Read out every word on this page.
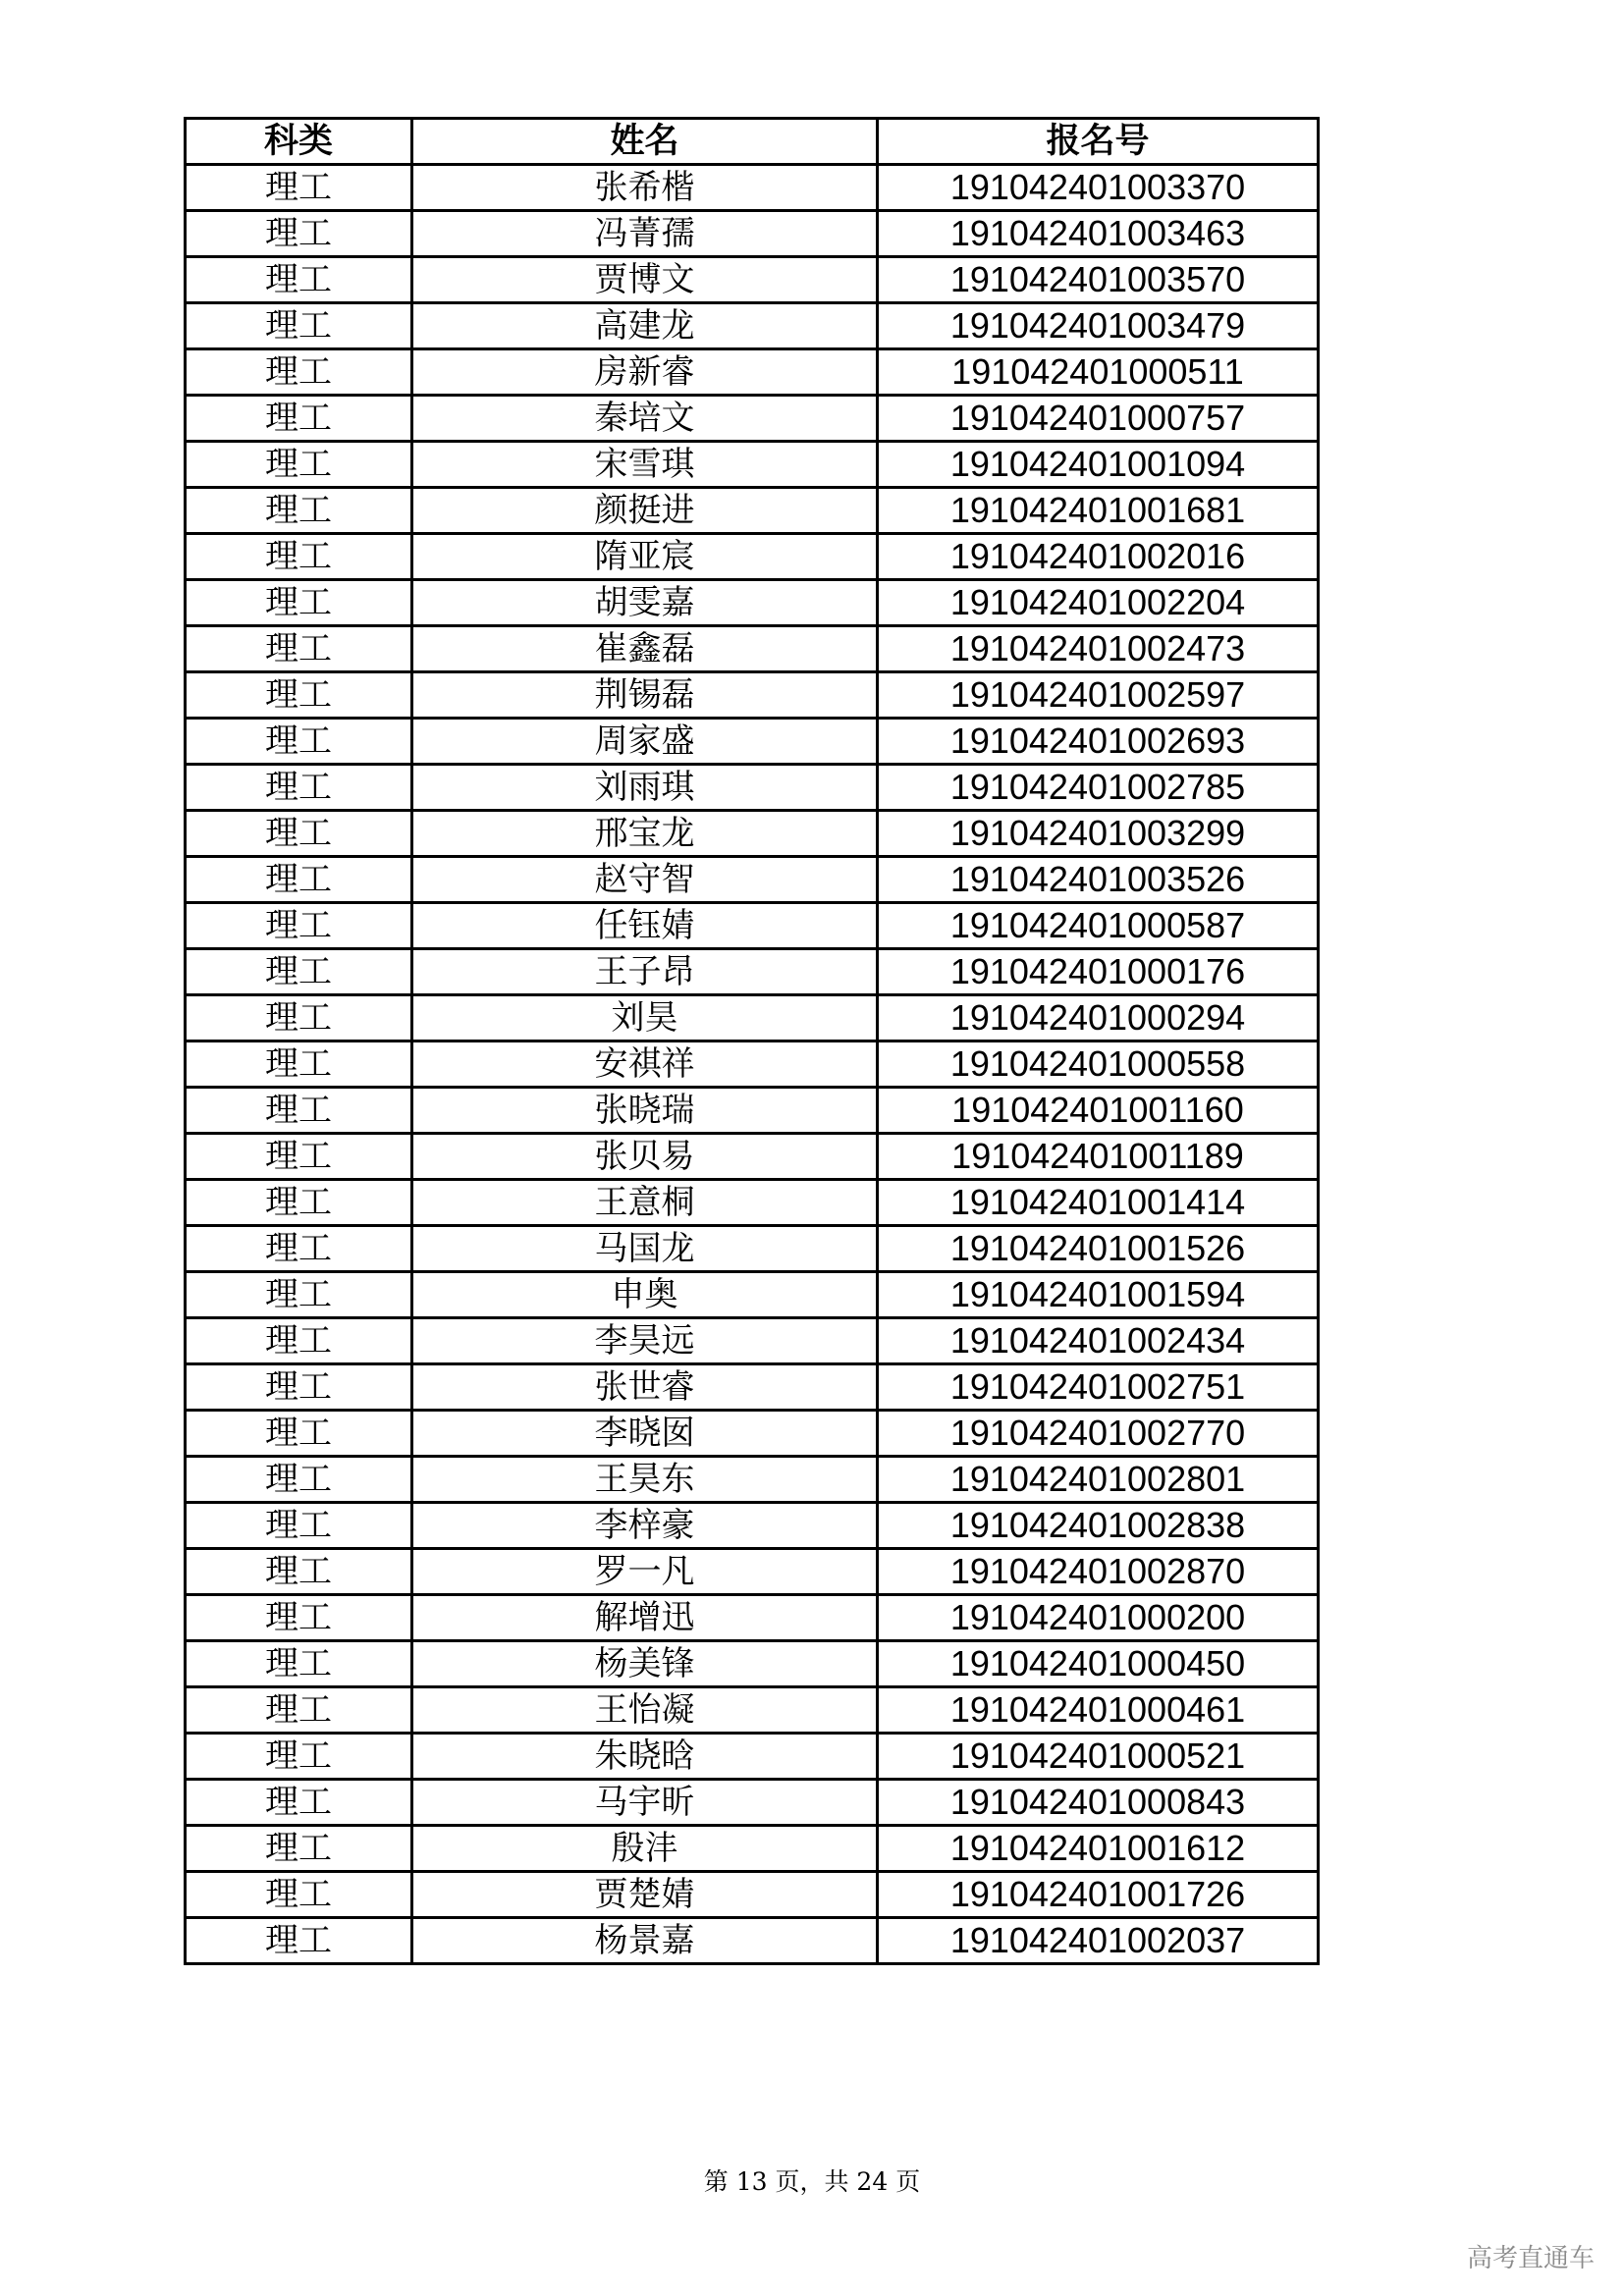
科类	姓名	报名号
理工	张希楷	191042401003370
理工	冯菁孺	191042401003463
理工	贾博文	191042401003570
理工	高建龙	191042401003479
理工	房新睿	191042401000511
理工	秦培文	191042401000757
理工	宋雪琪	191042401001094
理工	颜挺进	191042401001681
理工	隋亚宸	191042401002016
理工	胡雯嘉	191042401002204
理工	崔鑫磊	191042401002473
理工	荆锡磊	191042401002597
理工	周家盛	191042401002693
理工	刘雨琪	191042401002785
理工	邢宝龙	191042401003299
理工	赵守智	191042401003526
理工	任钰婧	191042401000587
理工	王子昂	191042401000176
理工	刘昊	191042401000294
理工	安祺祥	191042401000558
理工	张晓瑞	191042401001160
理工	张贝易	191042401001189
理工	王意桐	191042401001414
理工	马国龙	191042401001526
理工	申奥	191042401001594
理工	李昊远	191042401002434
理工	张世睿	191042401002751
理工	李晓囡	191042401002770
理工	王昊东	191042401002801
理工	李梓豪	191042401002838
理工	罗一凡	191042401002870
理工	解增迅	191042401000200
理工	杨美锋	191042401000450
理工	王怡凝	191042401000461
理工	朱晓晗	191042401000521
理工	马宇昕	191042401000843
理工	殷沣	191042401001612
理工	贾楚婧	191042401001726
理工	杨景嘉	191042401002037
第 13 页，共 24 页
高考直通车
